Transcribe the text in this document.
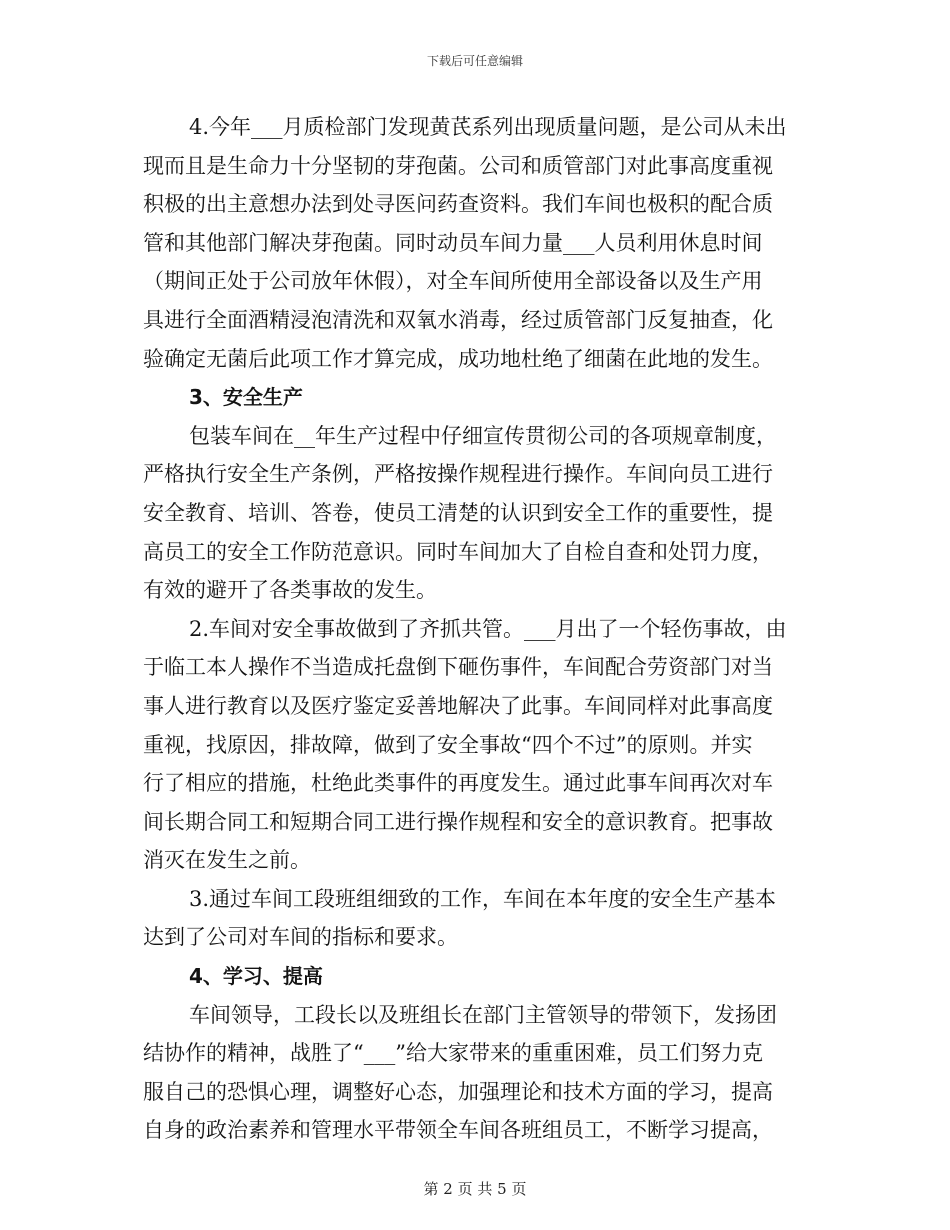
下载后可任意编辑
4.今年___月质检部门发现黄芪系列出现质量问题，是公司从未出
现而且是生命力十分坚韧的芽孢菌。公司和质管部门对此事高度重视
积极的出主意想办法到处寻医问药查资料。我们车间也极积的配合质
管和其他部门解决芽孢菌。同时动员车间力量___人员利用休息时间
（期间正处于公司放年休假），对全车间所使用全部设备以及生产用
具进行全面酒精浸泡清洗和双氧水消毒，经过质管部门反复抽查，化
验确定无菌后此项工作才算完成，成功地杜绝了细菌在此地的发生。
3、安全生产
包装车间在__年生产过程中仔细宣传贯彻公司的各项规章制度，
严格执行安全生产条例，严格按操作规程进行操作。车间向员工进行
安全教育、培训、答卷，使员工清楚的认识到安全工作的重要性，提
高员工的安全工作防范意识。同时车间加大了自检自查和处罚力度，
有效的避开了各类事故的发生。
2.车间对安全事故做到了齐抓共管。___月出了一个轻伤事故，由
于临工本人操作不当造成托盘倒下砸伤事件，车间配合劳资部门对当
事人进行教育以及医疗鉴定妥善地解决了此事。车间同样对此事高度
重视，找原因，排故障，做到了安全事故“四个不过”的原则。并实
行了相应的措施，杜绝此类事件的再度发生。通过此事车间再次对车
间长期合同工和短期合同工进行操作规程和安全的意识教育。把事故
消灭在发生之前。
3.通过车间工段班组细致的工作，车间在本年度的安全生产基本
达到了公司对车间的指标和要求。
4、学习、提高
车间领导，工段长以及班组长在部门主管领导的带领下，发扬团
结协作的精神，战胜了“___”给大家带来的重重困难，员工们努力克
服自己的恐惧心理，调整好心态，加强理论和技术方面的学习，提高
自身的政治素养和管理水平带领全车间各班组员工，不断学习提高，
第 2 页 共 5 页
